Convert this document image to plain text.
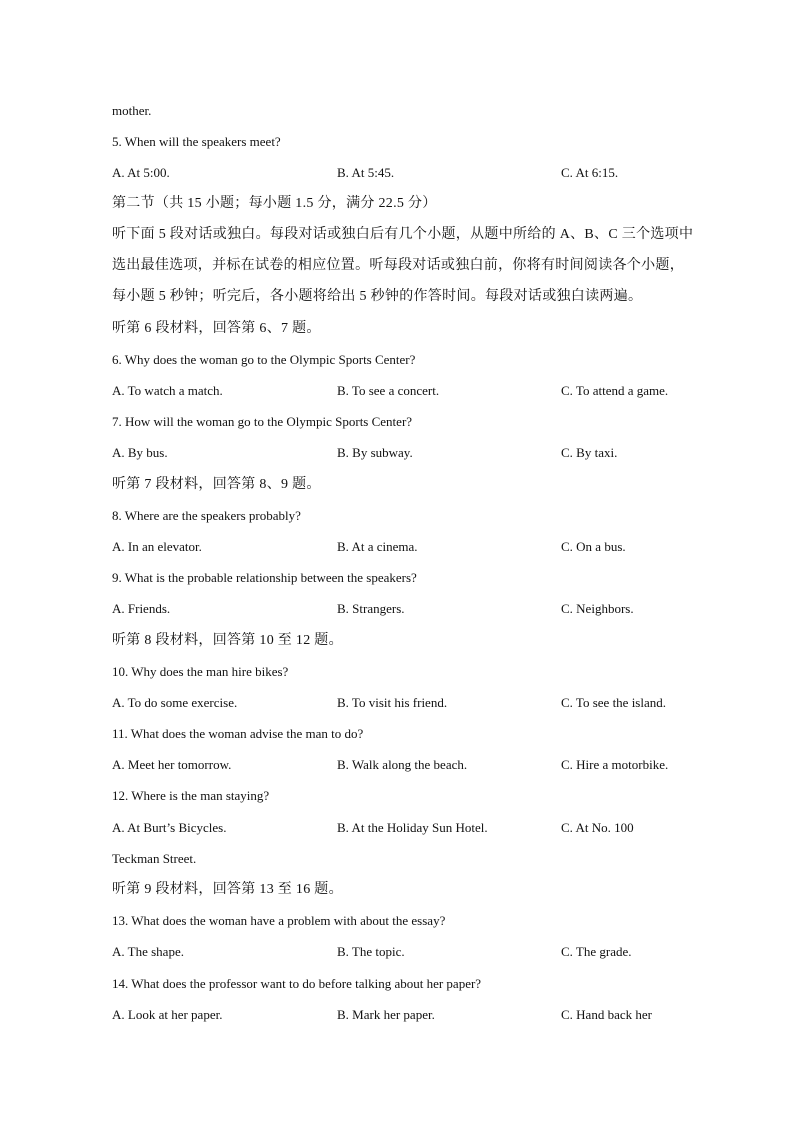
mother.
5. When will the speakers meet?
A. At 5:00.	B. At 5:45.	C. At 6:15.
第二节（共 15 小题；每小题 1.5 分，满分 22.5 分）
听下面 5 段对话或独白。每段对话或独白后有几个小题，从题中所给的 A、B、C 三个选项中
选出最佳选项，并标在试卷的相应位置。听每段对话或独白前，你将有时间阅读各个小题，
每小题 5 秒钟；听完后，各小题将给出 5 秒钟的作答时间。每段对话或独白读两遍。
听第 6 段材料，回答第 6、7 题。
6. Why does the woman go to the Olympic Sports Center?
A. To watch a match.	B. To see a concert.	C. To attend a game.
7. How will the woman go to the Olympic Sports Center?
A. By bus.	B. By subway.	C. By taxi.
听第 7 段材料，回答第 8、9 题。
8. Where are the speakers probably?
A. In an elevator.	B. At a cinema.	C. On a bus.
9. What is the probable relationship between the speakers?
A. Friends.	B. Strangers.	C. Neighbors.
听第 8 段材料，回答第 10 至 12 题。
10. Why does the man hire bikes?
A. To do some exercise.	B. To visit his friend.	C. To see the island.
11. What does the woman advise the man to do?
A. Meet her tomorrow.	B. Walk along the beach.	C. Hire a motorbike.
12. Where is the man staying?
A. At Burt’s Bicycles.	B. At the Holiday Sun Hotel.	C. At No. 100
Teckman Street.
听第 9 段材料，回答第 13 至 16 题。
13. What does the woman have a problem with about the essay?
A. The shape.	B. The topic.	C. The grade.
14. What does the professor want to do before talking about her paper?
A. Look at her paper.	B. Mark her paper.	C. Hand back her
